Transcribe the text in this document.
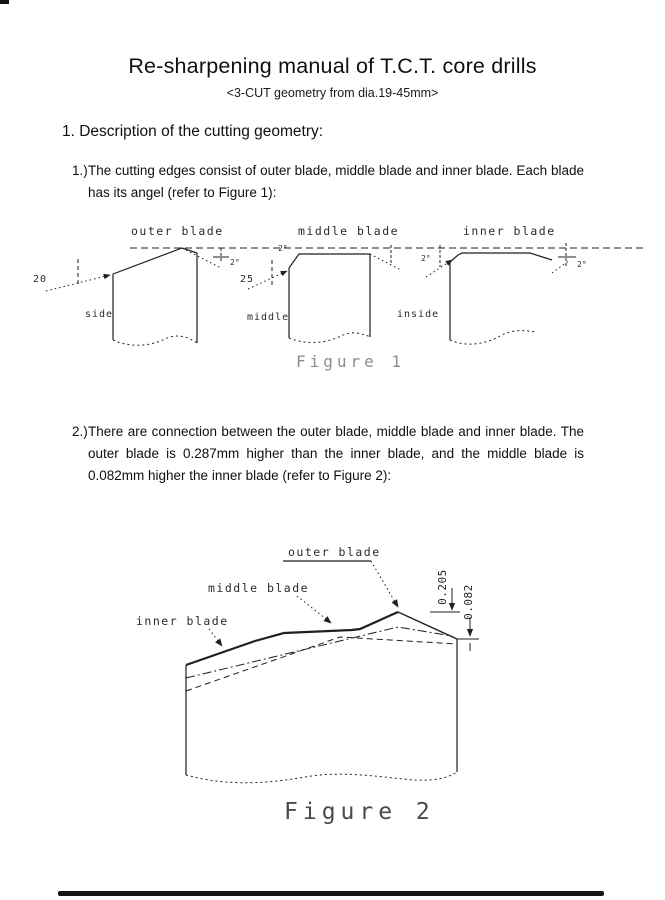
Re-sharpening manual of T.C.T. core drills
<3-CUT geometry from dia.19-45mm>
1. Description of the cutting geometry:

1.) The cutting edges consist of outer blade, middle blade and inner blade. Each blade has its angel (refer to Figure 1):

outer blade	middle blade	inner blade
20
2°
side
25
2°
middle
2°
2°
inside
Figure 1

2.) There are connection between the outer blade, middle blade and inner blade. The outer blade is 0.287mm higher than the inner blade, and the middle blade is 0.082mm higher the inner blade (refer to Figure 2):

outer blade
middle blade
inner blade
0.205 0.082
Figure 2
